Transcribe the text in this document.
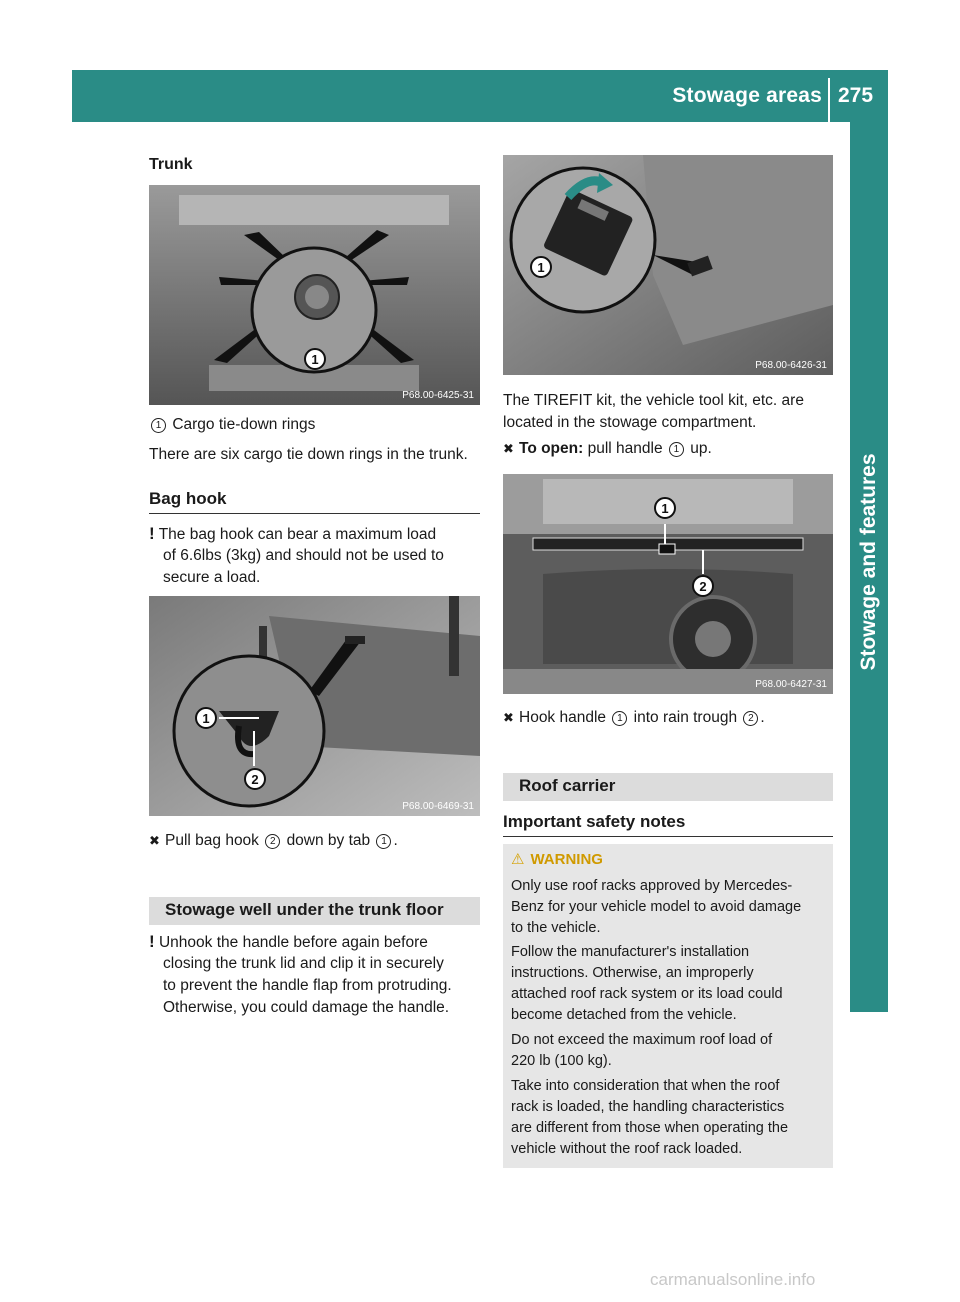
Stowage areas 275
Stowage and features
Trunk
1
P68.00-6425-31
1 Cargo tie-down rings
There are six cargo tie down rings in the trunk.
Bag hook
! The bag hook can bear a maximum load
of 6.6lbs (3kg) and should not be used to
secure a load.
1
2
P68.00-6469-31
✖ Pull bag hook 2 down by tab 1 .
Stowage well under the trunk floor
! Unhook the handle before again before
closing the trunk lid and clip it in securely
to prevent the handle flap from protruding.
Otherwise, you could damage the handle.
1
P68.00-6426-31
The TIREFIT kit, the vehicle tool kit, etc. are
located in the stowage compartment.
✖ To open: pull handle 1 up.
1
2
P68.00-6427-31
✖ Hook handle 1 into rain trough 2 .
Roof carrier
Important safety notes
⚠ WARNING

Only use roof racks approved by Mercedes-

Benz for your vehicle model to avoid damage

to the vehicle.

Follow the manufacturer's installation

instructions. Otherwise, an improperly

attached roof rack system or its load could

become detached from the vehicle.

Do not exceed the maximum roof load of

220 lb (100 kg).

Take into consideration that when the roof

rack is loaded, the handling characteristics

are different from those when operating the

vehicle without the roof rack loaded.

carmanualsonline.info
